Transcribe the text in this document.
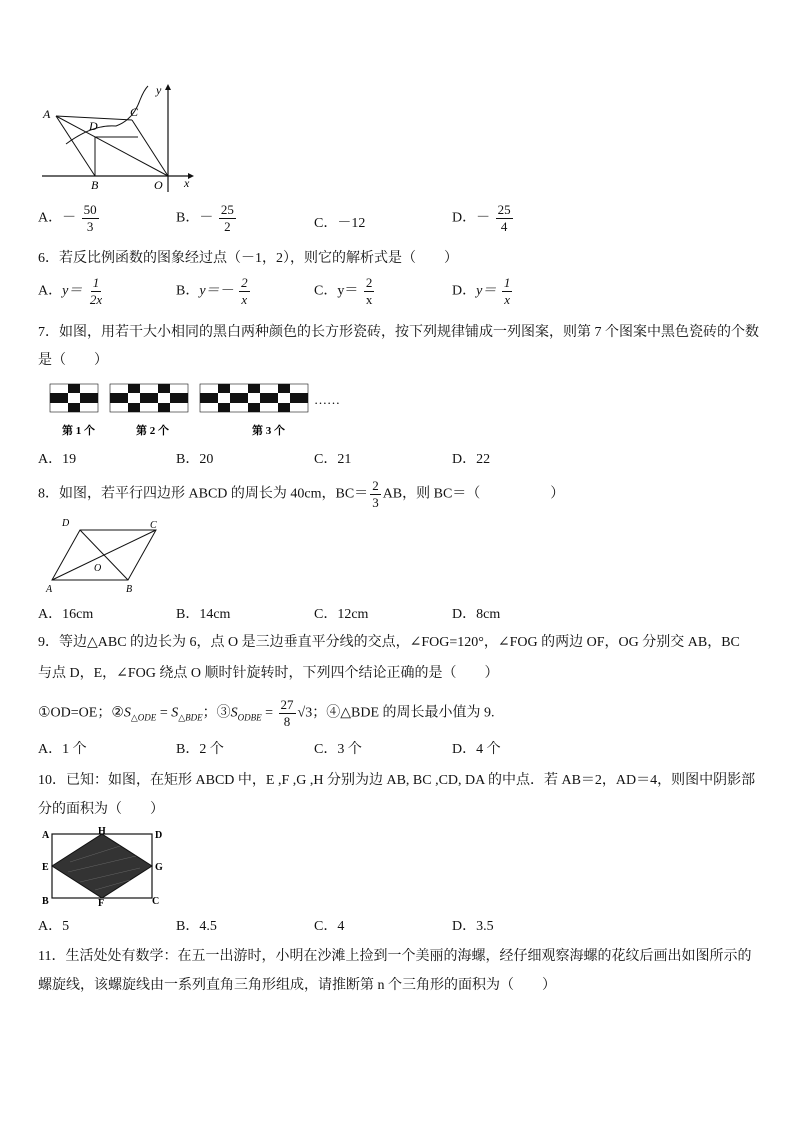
A
D
C
B	O x
y
A．－ $\frac{50}{3}$	B．－ $\frac{25}{2}$	C．－12	D．－ $\frac{25}{4}$
6．若反比例函数的图象经过点（－1，2），则它的解析式是（　　）
A．$y= \frac{1}{2x}$	B．$y=- \frac{2}{x}$	C．$y= \frac{2}{x}$	D．$y= \frac{1}{x}$
7．如图，用若干大小相同的黑白两种颜色的长方形瓷砖，按下列规律铺成一列图案，则第 7 个图案中黑色瓷砖的个数
是（　　）
……
第 1 个	第 2 个	第 3 个
A．19	B．20	C．21	D．22
8．如图，若平行四边形 ABCD 的周长为 40cm，$BC= \frac{2}{3}$ AB，则 BC＝（　　　　　）
D	C
A	B
O
A．16cm	B．14cm	C．12cm	D．8cm
9．等边△ABC 的边长为 6，点 O 是三边垂直平分线的交点，∠FOG=120°，∠FOG 的两边 OF，OG 分别交 AB，BC
与点 D，E，∠FOG 绕点 O 顺时针旋转时，下列四个结论正确的是（　　）
①OD=OE；$②S_{\triangle ODE} = S_{\triangle BDE}$；$③S_{ODBE} = \frac{27}{8} √3$；④△BDE 的周长最小值为 9.
A．1 个	B．2 个	C．3 个	D．4 个
10．已知：如图，在矩形 ABCD 中，E ,F ,G ,H 分别为边 AB, BC ,CD, DA 的中点．若 AB＝2，AD＝4，则图中阴影部
分的面积为（　　）
A	H	D
E	G
B	F	C
A．5	B．4.5	C．4	D．3.5
11．生活处处有数学：在五一出游时，小明在沙滩上捡到一个美丽的海螺，经仔细观察海螺的花纹后画出如图所示的
螺旋线，该螺旋线由一系列直角三角形组成，请推断第 n 个三角形的面积为（　　）
